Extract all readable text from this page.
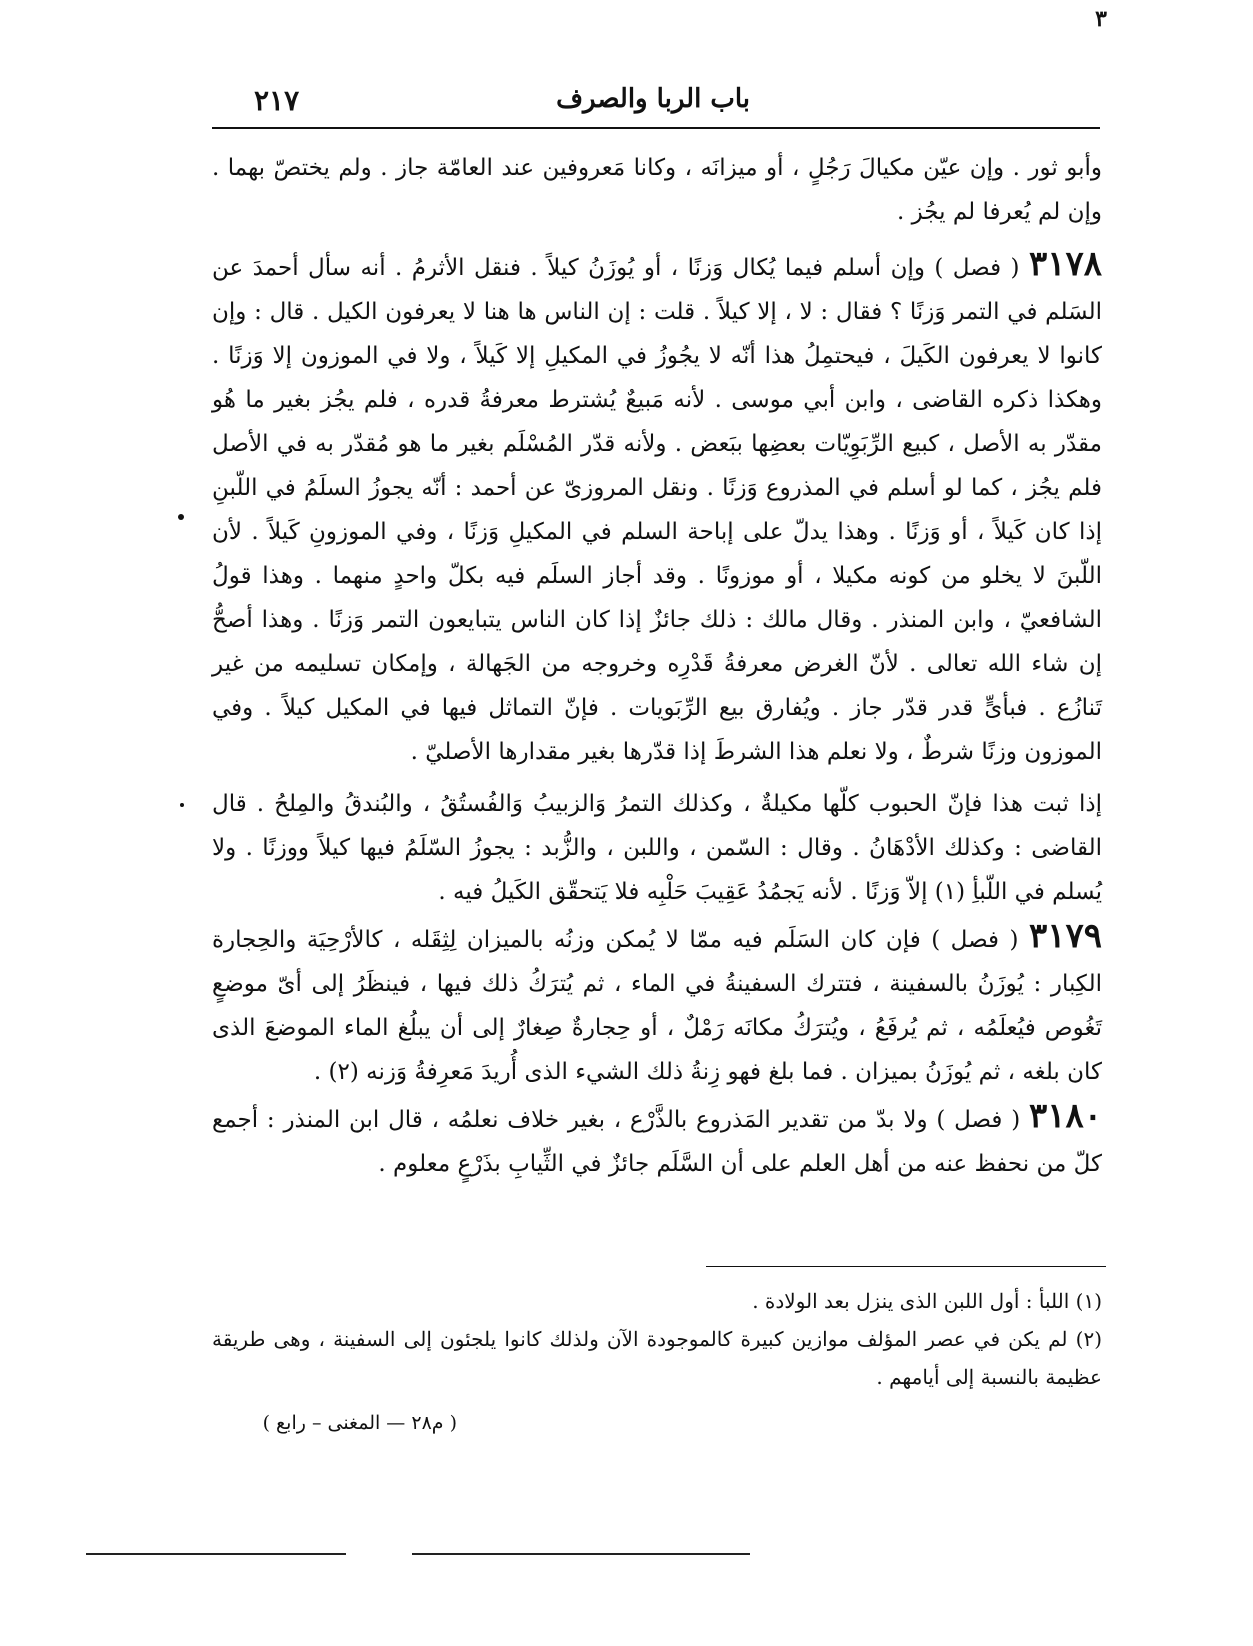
٣
باب الربا والصرف
٢١٧

وأبو ثور . وإن عيّن مكيالَ رَجُلٍ ، أو ميزانَه ، وكانا مَعروفين عند العامّة جاز . ولم يختصّ بهما . وإن لم يُعرفا لم يجُز .

٣١٧٨ ( فصل ) وإن أسلم فيما يُكال وَزنًا ، أو يُوزَنُ كيلاً . فنقل الأثرمُ . أنه سأل أحمدَ عن السَلم في التمر وَزنًا ؟ فقال : لا ، إلا كيلاً . قلت : إن الناس ها هنا لا يعرفون الكيل . قال : وإن كانوا لا يعرفون الكَيلَ ، فيحتمِلُ هذا أنّه لا يجُوزُ في المكيلِ إلا كَيلاً ، ولا في الموزون إلا وَزنًا . وهكذا ذكره القاضى ، وابن أبي موسى . لأنه مَبيعٌ يُشترط معرفةُ قدره ، فلم يجُز بغير ما هُو مقدّر به الأصل ، كبيع الرِّبَوِيّات بعضِها ببَعض . ولأنه قدّر المُسْلَم بغير ما هو مُقدّر به في الأصل فلم يجُز ، كما لو أسلم في المذروع وَزنًا . ونقل المروزىّ عن أحمد : أنّه يجوزُ السلَمُ في اللّبنِ إذا كان كَيلاً ، أو وَزنًا . وهذا يدلّ على إباحة السلم في المكيلِ وَزنًا ، وفي الموزونِ كَيلاً . لأن اللّبنَ لا يخلو من كونه مكيلا ، أو موزونًا . وقد أجاز السلَم فيه بكلّ واحدٍ منهما . وهذا قولُ الشافعيّ ، وابن المنذر . وقال مالك : ذلك جائزٌ إذا كان الناس يتبايعون التمر وَزنًا . وهذا أصحُّ إن شاء الله تعالى . لأنّ الغرض معرفةُ قَدْرِه وخروجه من الجَهالة ، وإمكان تسليمه من غير تَنازُع . فبأىٍّ قدر قدّر جاز . ويُفارق بيع الرِّبَويات . فإنّ التماثل فيها في المكيل كيلاً . وفي الموزون وزنًا شرطٌ ، ولا نعلم هذا الشرطَ إذا قدّرها بغير مقدارها الأصليّ .

إذا ثبت هذا فإنّ الحبوب كلّها مكيلةٌ ، وكذلك التمرُ وَالزبيبُ وَالفُستُقُ ، والبُندقُ والمِلحُ . قال القاضى : وكذلك الأدْهَانُ . وقال : السّمن ، واللبن ، والزُّبد : يجوزُ السّلَمُ فيها كيلاً ووزنًا . ولا يُسلم في اللّبأِ (١) إلاّ وَزنًا . لأنه يَجمُدُ عَقِيبَ حَلْبِه فلا يَتحقّق الكَيلُ فيه .

٣١٧٩ ( فصل ) فإن كان السَلَم فيه ممّا لا يُمكن وزنُه بالميزان لِثِقَله ، كالأرْحِيَة والحِجارة الكِبار : يُوزَنُ بالسفينة ، فتترك السفينةُ في الماء ، ثم يُترَكُ ذلك فيها ، فينظَرُ إلى أىّ موضعٍ تَغُوص فيُعلَمُه ، ثم يُرفَعُ ، ويُترَكُ مكانَه رَمْلٌ ، أو حِجارةٌ صِغارٌ إلى أن يبلُغ الماء الموضعَ الذى كان بلغه ، ثم يُوزَنُ بميزان . فما بلغ فهو زِنةُ ذلك الشيء الذى أُريدَ مَعرِفةُ وَزنه (٢) .

٣١٨٠ ( فصل ) ولا بدّ من تقدير المَذروع بالذَّرْع ، بغير خلاف نعلمُه ، قال ابن المنذر : أجمع كلّ من نحفظ عنه من أهل العلم على أن السَّلَم جائزٌ في الثِّيابِ بذَرْعٍ معلوم .

(١) اللبأ : أول اللبن الذى ينزل بعد الولادة .

(٢) لم يكن في عصر المؤلف موازين كبيرة كالموجودة الآن ولذلك كانوا يلجئون إلى السفينة ، وهى طريقة عظيمة بالنسبة إلى أيامهم .

( م٢٨ — المغنى – رابع )
